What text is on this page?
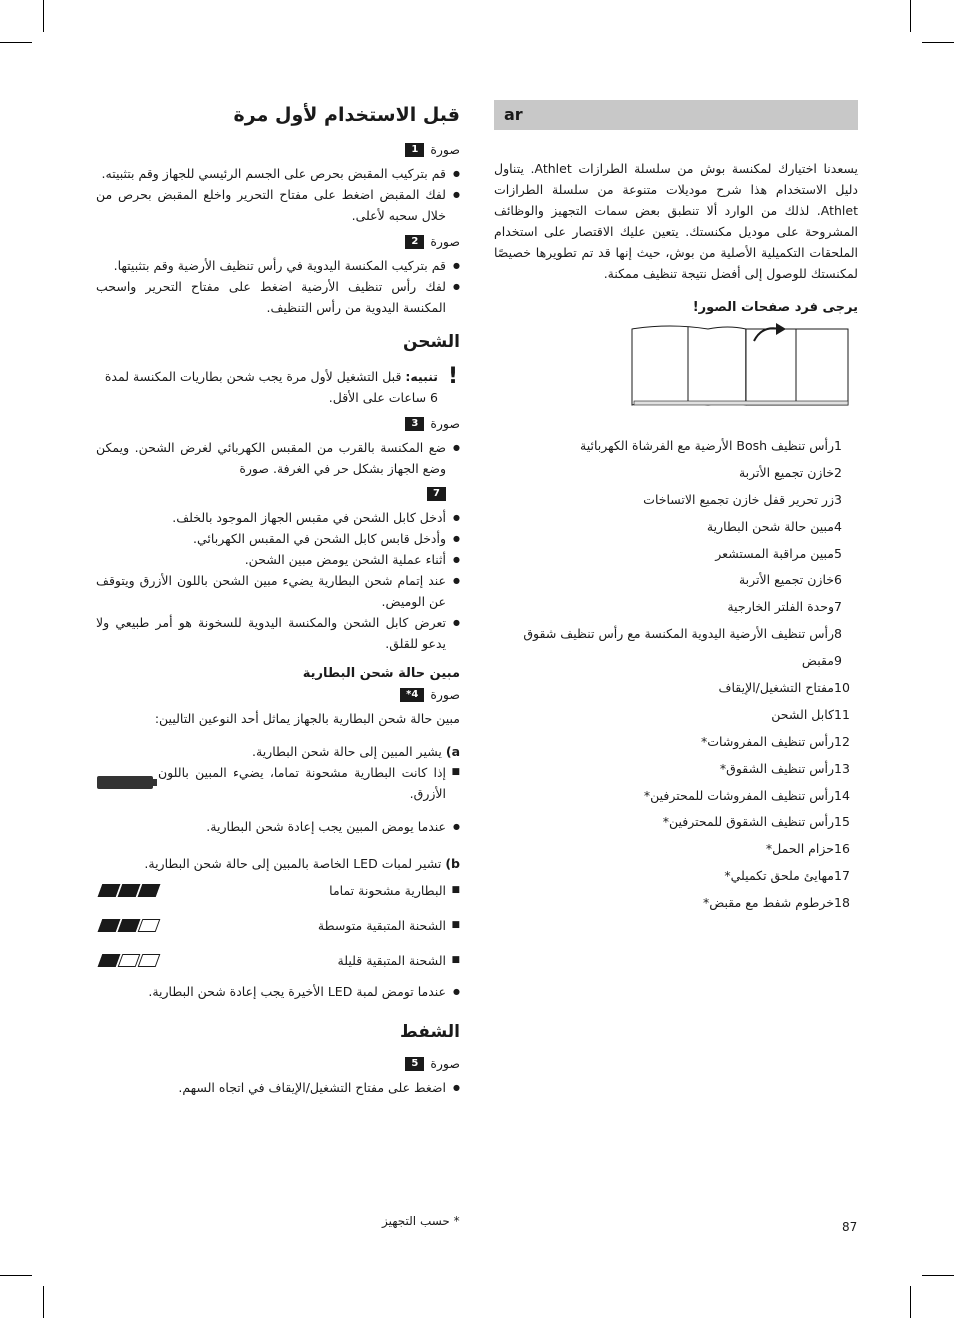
ar

يسعدنا اختيارك لمكنسة بوش من سلسلة الطرازات Athlet. يتناول دليل الاستخدام هذا شرح موديلات متنوعة من سلسلة الطرازات Athlet. لذلك من الوارد ألا تنطبق بعض سمات التجهيز والوظائف المشروحة على موديل مكنستك. يتعين عليك الاقتصار على استخدام الملحقات التكميلية الأصلية من بوش، حيث إنها قد تم تطويرها خصيصًا لمكنستك للوصول إلى أفضل نتيجة تنظيف ممكنة.

يرجى فرد صفحات الصور!
1
رأس تنظيف Bosh الأرضية مع الفرشاة الكهربائية
2
خازن تجميع الأتربة
3
زر تحرير قفل خازن تجميع الاتساخات
4
مبين حالة شحن البطارية
5
مبين مراقبة المستشعر
6
خازن تجميع الأتربة
7
وحدة الفلتر الخارجية
8
رأس تنظيف الأرضية اليدوية المكنسة مع رأس تنظيف شقوق
9
مقبض
10
مفتاح التشغيل/الإيقاف
11
كابل الشحن
12
رأس تنظيف المفروشات*
13
رأس تنظيف الشقوق*
14
رأس تنظيف المفروشات للمحترفين*
15
رأس تنظيف الشقوق للمحترفين*
16
حزام الحمل*
17
مهايئ ملحق تكميلي*
18
خرطوم شفط مع مقبض*
قبل الاستخدام لأول مرة
صورة
1
● قم بتركيب المقبض بحرص على الجسم الرئيسي للجهاز وقم بتثبيته.
● لفك المقبض اضغط على مفتاح التحرير واخلع المقبض بحرص من خلال سحبه لأعلى.
صورة
2
● قم بتركيب المكنسة اليدوية في رأس تنظيف الأرضية وقم بتثبيتها.
● لفك رأس تنظيف الأرضية اضغط على مفتاح التحرير واسحب المكنسة اليدوية من رأس التنظيف.
الشحن
!

تنبيه: قبل التشغيل لأول مرة يجب شحن بطاريات المكنسة لمدة 6 ساعات على الأقل.

صورة
3
● ضع المكنسة بالقرب من المقبس الكهربائي لغرض الشحن. ويمكن وضع الجهاز بشكل حر في الغرفة. صورة
7
● أدخل كابل الشحن في مقبس الجهاز الموجود بالخلف.
● وأدخل قابس كابل الشحن في المقبس الكهربائي.
● أثناء عملية الشحن يومض مبين الشحن.
● عند إتمام شحن البطارية يضيء مبين الشحن باللون الأزرق ويتوقف عن الوميض.
● تعرض كابل الشحن والمكنسة اليدوية للسخونة هو أمر طبيعي ولا يدعو للقلق.
مبين حالة شحن البطارية
صورة
4*

مبين حالة شحن البطارية بالجهاز يماثل أحد النوعين التاليين:

a) يشير المبين إلى حالة شحن البطارية.

■ إذا كانت البطارية مشحونة تماما، يضيء المبين باللون الأزرق.
● عندما يومض المبين يجب إعادة شحن البطارية.

b) تشير لمبات LED الخاصة بالمبين إلى حالة شحن البطارية.

■ البطارية مشحونة تماما
■ الشحنة المتبقية متوسطة
■ الشحنة المتبقية قليلة
● عندما تومض لمبة LED الأخيرة يجب إعادة شحن البطارية.
الشفط
صورة
5
● اضغط على مفتاح التشغيل/الإيقاف في اتجاه السهم.
* حسب التجهيز	87
